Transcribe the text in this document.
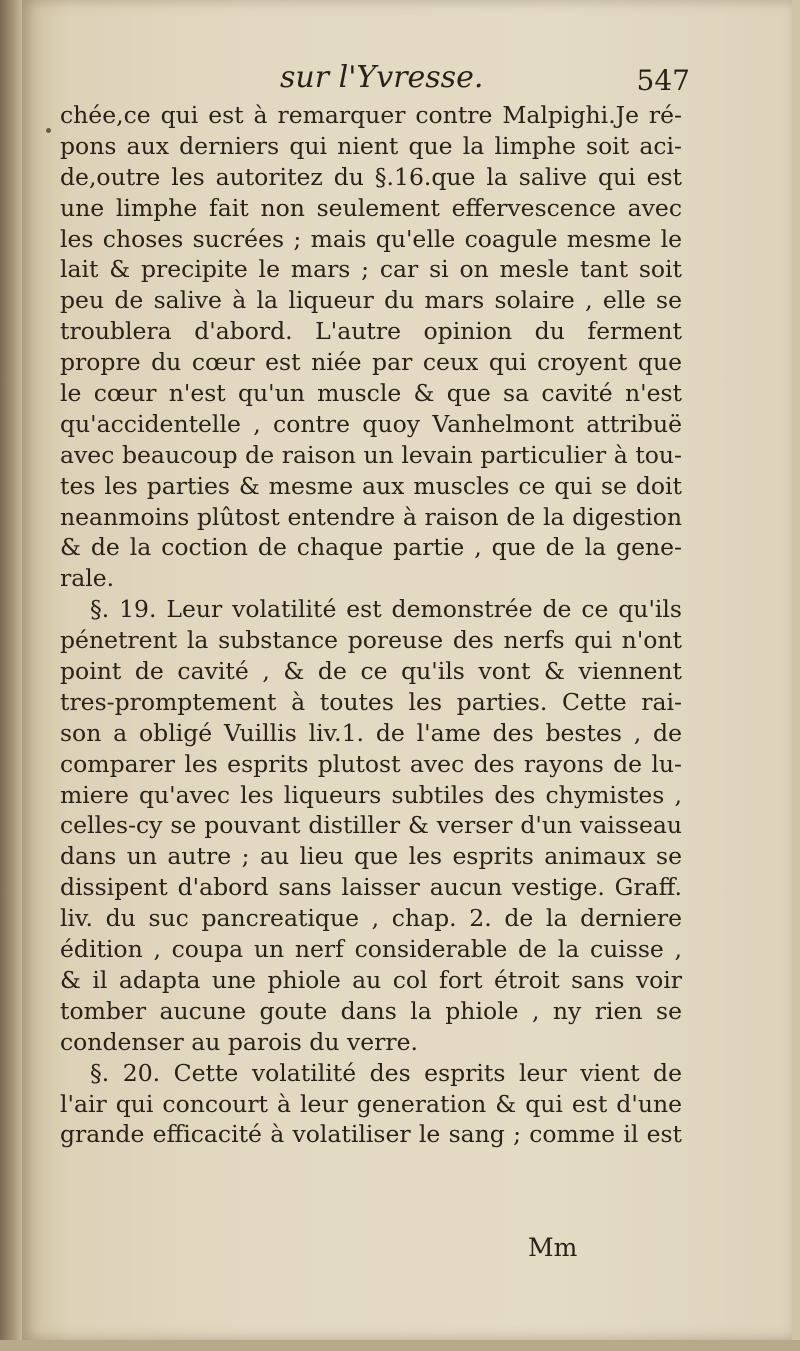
sur l'Yvresse.	547
chée,ce qui est à remarquer contre Malpighi.Je ré-
pons aux derniers qui nient que la limphe soit aci-
de,outre les autoritez du §.16.que la salive qui est
une limphe fait non seulement effervescence avec
les choses sucrées ; mais qu'elle coagule mesme le
lait & precipite le mars ; car si on mesle tant soit
peu de salive à la liqueur du mars solaire , elle se
troublera d'abord. L'autre opinion du ferment
propre du cœur est niée par ceux qui croyent que
le cœur n'est qu'un muscle & que sa cavité n'est
qu'accidentelle , contre quoy Vanhelmont attribuë
avec beaucoup de raison un levain particulier à tou-
tes les parties & mesme aux muscles ce qui se doit
neanmoins plûtost entendre à raison de la digestion
& de la coction de chaque partie , que de la gene-
rale.
§. 19. Leur volatilité est demonstrée de ce qu'ils
pénetrent la substance poreuse des nerfs qui n'ont
point de cavité , & de ce qu'ils vont & viennent
tres-promptement à toutes les parties. Cette rai-
son a obligé Vuillis liv.1. de l'ame des bestes , de
comparer les esprits plutost avec des rayons de lu-
miere qu'avec les liqueurs subtiles des chymistes ,
celles-cy se pouvant distiller & verser d'un vaisseau
dans un autre ; au lieu que les esprits animaux se
dissipent d'abord sans laisser aucun vestige. Graff.
liv. du suc pancreatique , chap. 2. de la derniere
édition , coupa un nerf considerable de la cuisse ,
& il adapta une phiole au col fort étroit sans voir
tomber aucune goute dans la phiole , ny rien se
condenser au parois du verre.
§. 20. Cette volatilité des esprits leur vient de
l'air qui concourt à leur generation & qui est d'une
grande efficacité à volatiliser le sang ; comme il est
Mm
